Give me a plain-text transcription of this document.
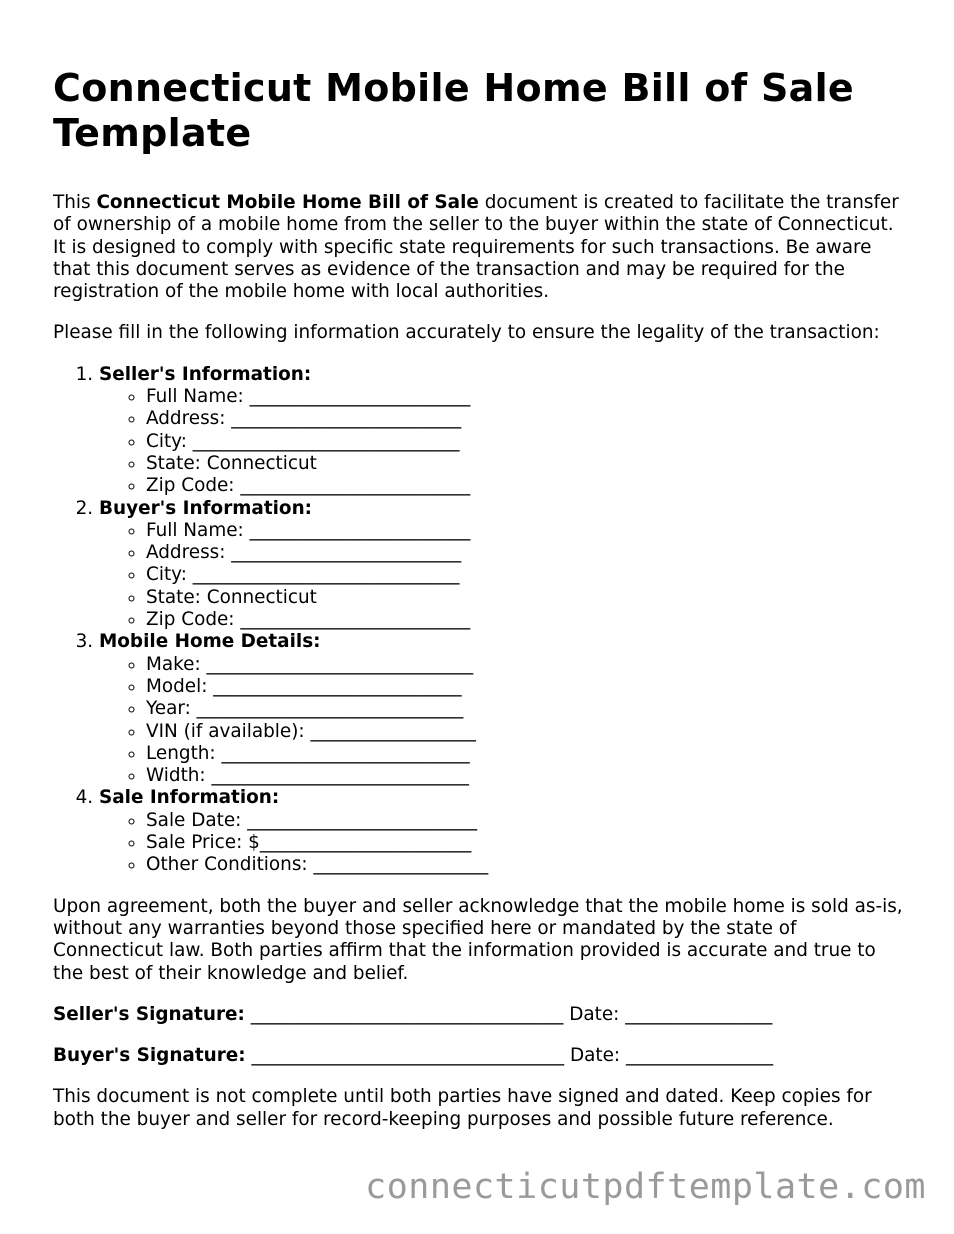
Connecticut Mobile Home Bill of Sale Template

This Connecticut Mobile Home Bill of Sale document is created to facilitate the transfer of ownership of a mobile home from the seller to the buyer within the state of Connecticut. It is designed to comply with specific state requirements for such transactions. Be aware that this document serves as evidence of the transaction and may be required for the registration of the mobile home with local authorities.

Please fill in the following information accurately to ensure the legality of the transaction:

1. Seller's Information:
◦ Full Name: ________________________
◦ Address: _________________________
◦ City: _____________________________
◦ State: Connecticut
◦ Zip Code: _________________________
2. Buyer's Information:
◦ Full Name: ________________________
◦ Address: _________________________
◦ City: _____________________________
◦ State: Connecticut
◦ Zip Code: _________________________
3. Mobile Home Details:
◦ Make: _____________________________
◦ Model: ___________________________
◦ Year: _____________________________
◦ VIN (if available): __________________
◦ Length: ___________________________
◦ Width: ____________________________
4. Sale Information:
◦ Sale Date: _________________________
◦ Sale Price: $_______________________
◦ Other Conditions: ___________________

Upon agreement, both the buyer and seller acknowledge that the mobile home is sold as-is, without any warranties beyond those specified here or mandated by the state of Connecticut law. Both parties affirm that the information provided is accurate and true to the best of their knowledge and belief.

Seller's Signature: __________________________________ Date: ________________

Buyer's Signature: __________________________________ Date: ________________

This document is not complete until both parties have signed and dated. Keep copies for both the buyer and seller for record-keeping purposes and possible future reference.

connecticutpdftemplate.com
